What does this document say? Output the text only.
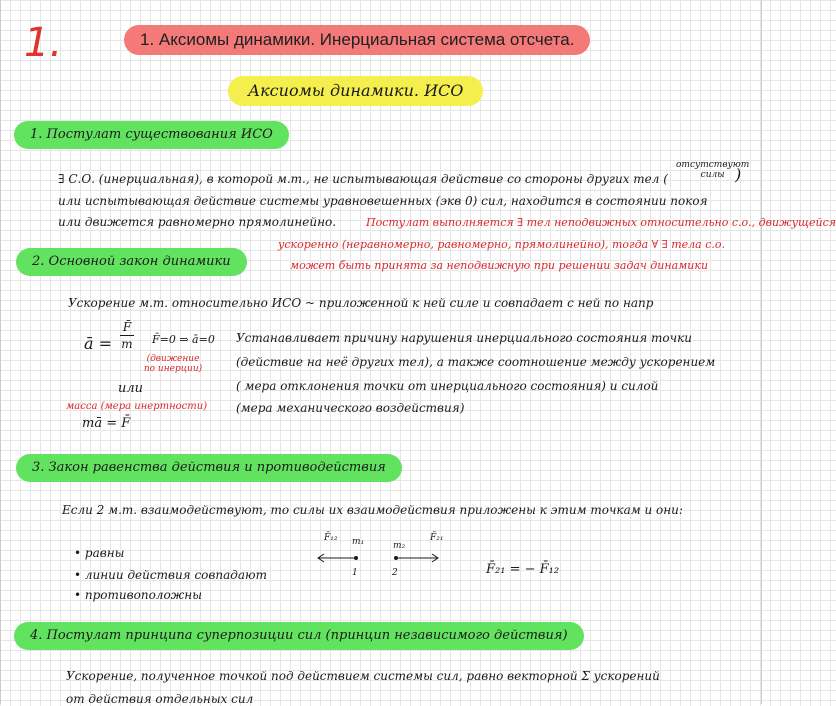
1.	1. Аксиомы динамики. Инерциальная система отсчета.
Аксиомы динамики. ИСО
1. Постулат существования ИСО
∃ С.О. (инерциальная), в которой м.т., не испытывающая действие со стороны других тел (
отсутствуют
силы )
или испытывающая действие системы уравновешенных (экв 0) сил, находится в состоянии покоя
или движется равномерно прямолинейно.	Постулат выполняется ∃ тел неподвижных относительно с.о., движущейся
ускоренно (неравномерно, равномерно, прямолинейно), тогда ∀ ∃ тела с.о.
может быть принята за неподвижную при решении задач динамики
2. Основной закон динамики
Ускорение м.т. относительно ИСО ~ приложенной к ней силе и совпадает с ней по напр
ā =
F̄
m F̄=0 ⇒ ā=0
(движение по инерции)
Устанавливает причину нарушения инерциального состояния точки
(действие на неё других тел), а также соотношение между ускорением
( мера отклонения точки от инерциального состояния) и силой
(мера механического воздействия)
или
масса (мера инертности)
mā = F̄
3. Закон равенства действия и противодействия
Если 2 м.т. взаимодействуют, то силы их взаимодействия приложены к этим точкам и они:
• равны
• линии действия совпадают
• противоположны
F̄₁₂ m₁	m₂
F̄₂₁
1	2	F̄₂₁ = − F̄₁₂
4. Постулат принципа суперпозиции сил (принцип независимого действия)
Ускорение, полученное точкой под действием системы сил, равно векторной Σ ускорений
от действия отдельных сил
